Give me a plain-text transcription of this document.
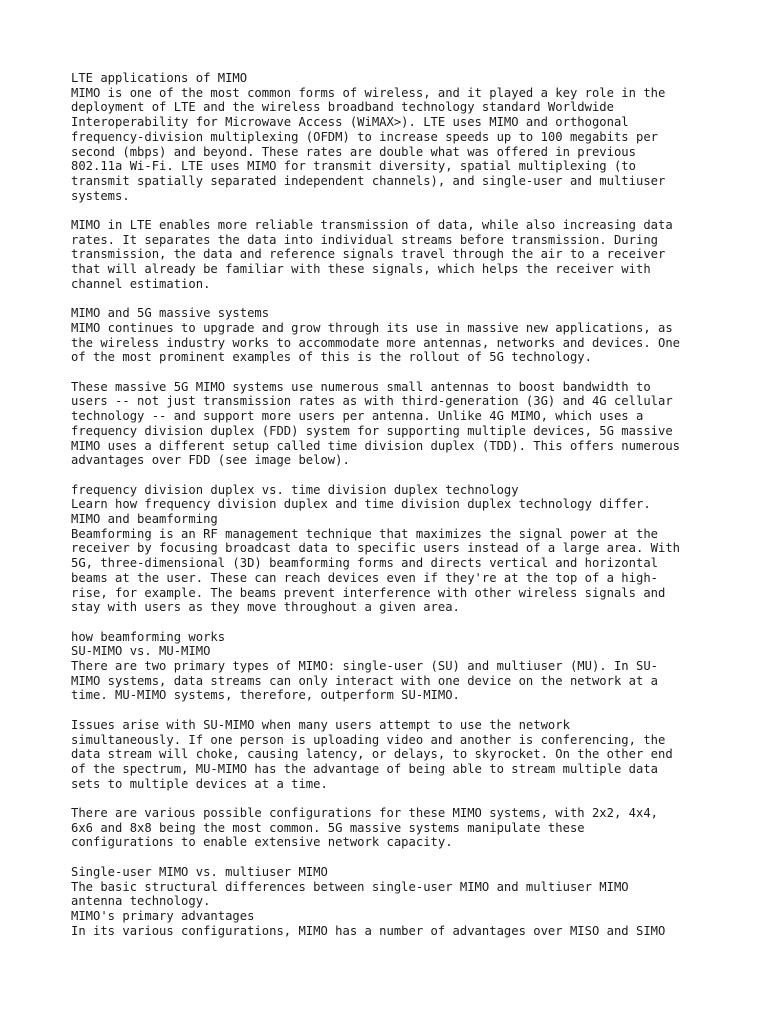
LTE applications of MIMO
MIMO is one of the most common forms of wireless, and it played a key role in the
deployment of LTE and the wireless broadband technology standard Worldwide
Interoperability for Microwave Access (WiMAX>). LTE uses MIMO and orthogonal
frequency-division multiplexing (OFDM) to increase speeds up to 100 megabits per
second (mbps) and beyond. These rates are double what was offered in previous
802.11a Wi-Fi. LTE uses MIMO for transmit diversity, spatial multiplexing (to
transmit spatially separated independent channels), and single-user and multiuser
systems.
MIMO in LTE enables more reliable transmission of data, while also increasing data
rates. It separates the data into individual streams before transmission. During
transmission, the data and reference signals travel through the air to a receiver
that will already be familiar with these signals, which helps the receiver with
channel estimation.
MIMO and 5G massive systems
MIMO continues to upgrade and grow through its use in massive new applications, as
the wireless industry works to accommodate more antennas, networks and devices. One
of the most prominent examples of this is the rollout of 5G technology.
These massive 5G MIMO systems use numerous small antennas to boost bandwidth to
users -- not just transmission rates as with third-generation (3G) and 4G cellular
technology -- and support more users per antenna. Unlike 4G MIMO, which uses a
frequency division duplex (FDD) system for supporting multiple devices, 5G massive
MIMO uses a different setup called time division duplex (TDD). This offers numerous
advantages over FDD (see image below).
frequency division duplex vs. time division duplex technology
Learn how frequency division duplex and time division duplex technology differ.
MIMO and beamforming
Beamforming is an RF management technique that maximizes the signal power at the
receiver by focusing broadcast data to specific users instead of a large area. With
5G, three-dimensional (3D) beamforming forms and directs vertical and horizontal
beams at the user. These can reach devices even if they're at the top of a high-
rise, for example. The beams prevent interference with other wireless signals and
stay with users as they move throughout a given area.
how beamforming works
SU-MIMO vs. MU-MIMO
There are two primary types of MIMO: single-user (SU) and multiuser (MU). In SU-
MIMO systems, data streams can only interact with one device on the network at a
time. MU-MIMO systems, therefore, outperform SU-MIMO.
Issues arise with SU-MIMO when many users attempt to use the network
simultaneously. If one person is uploading video and another is conferencing, the
data stream will choke, causing latency, or delays, to skyrocket. On the other end
of the spectrum, MU-MIMO has the advantage of being able to stream multiple data
sets to multiple devices at a time.
There are various possible configurations for these MIMO systems, with 2x2, 4x4,
6x6 and 8x8 being the most common. 5G massive systems manipulate these
configurations to enable extensive network capacity.
Single-user MIMO vs. multiuser MIMO
The basic structural differences between single-user MIMO and multiuser MIMO
antenna technology.
MIMO's primary advantages
In its various configurations, MIMO has a number of advantages over MISO and SIMO
